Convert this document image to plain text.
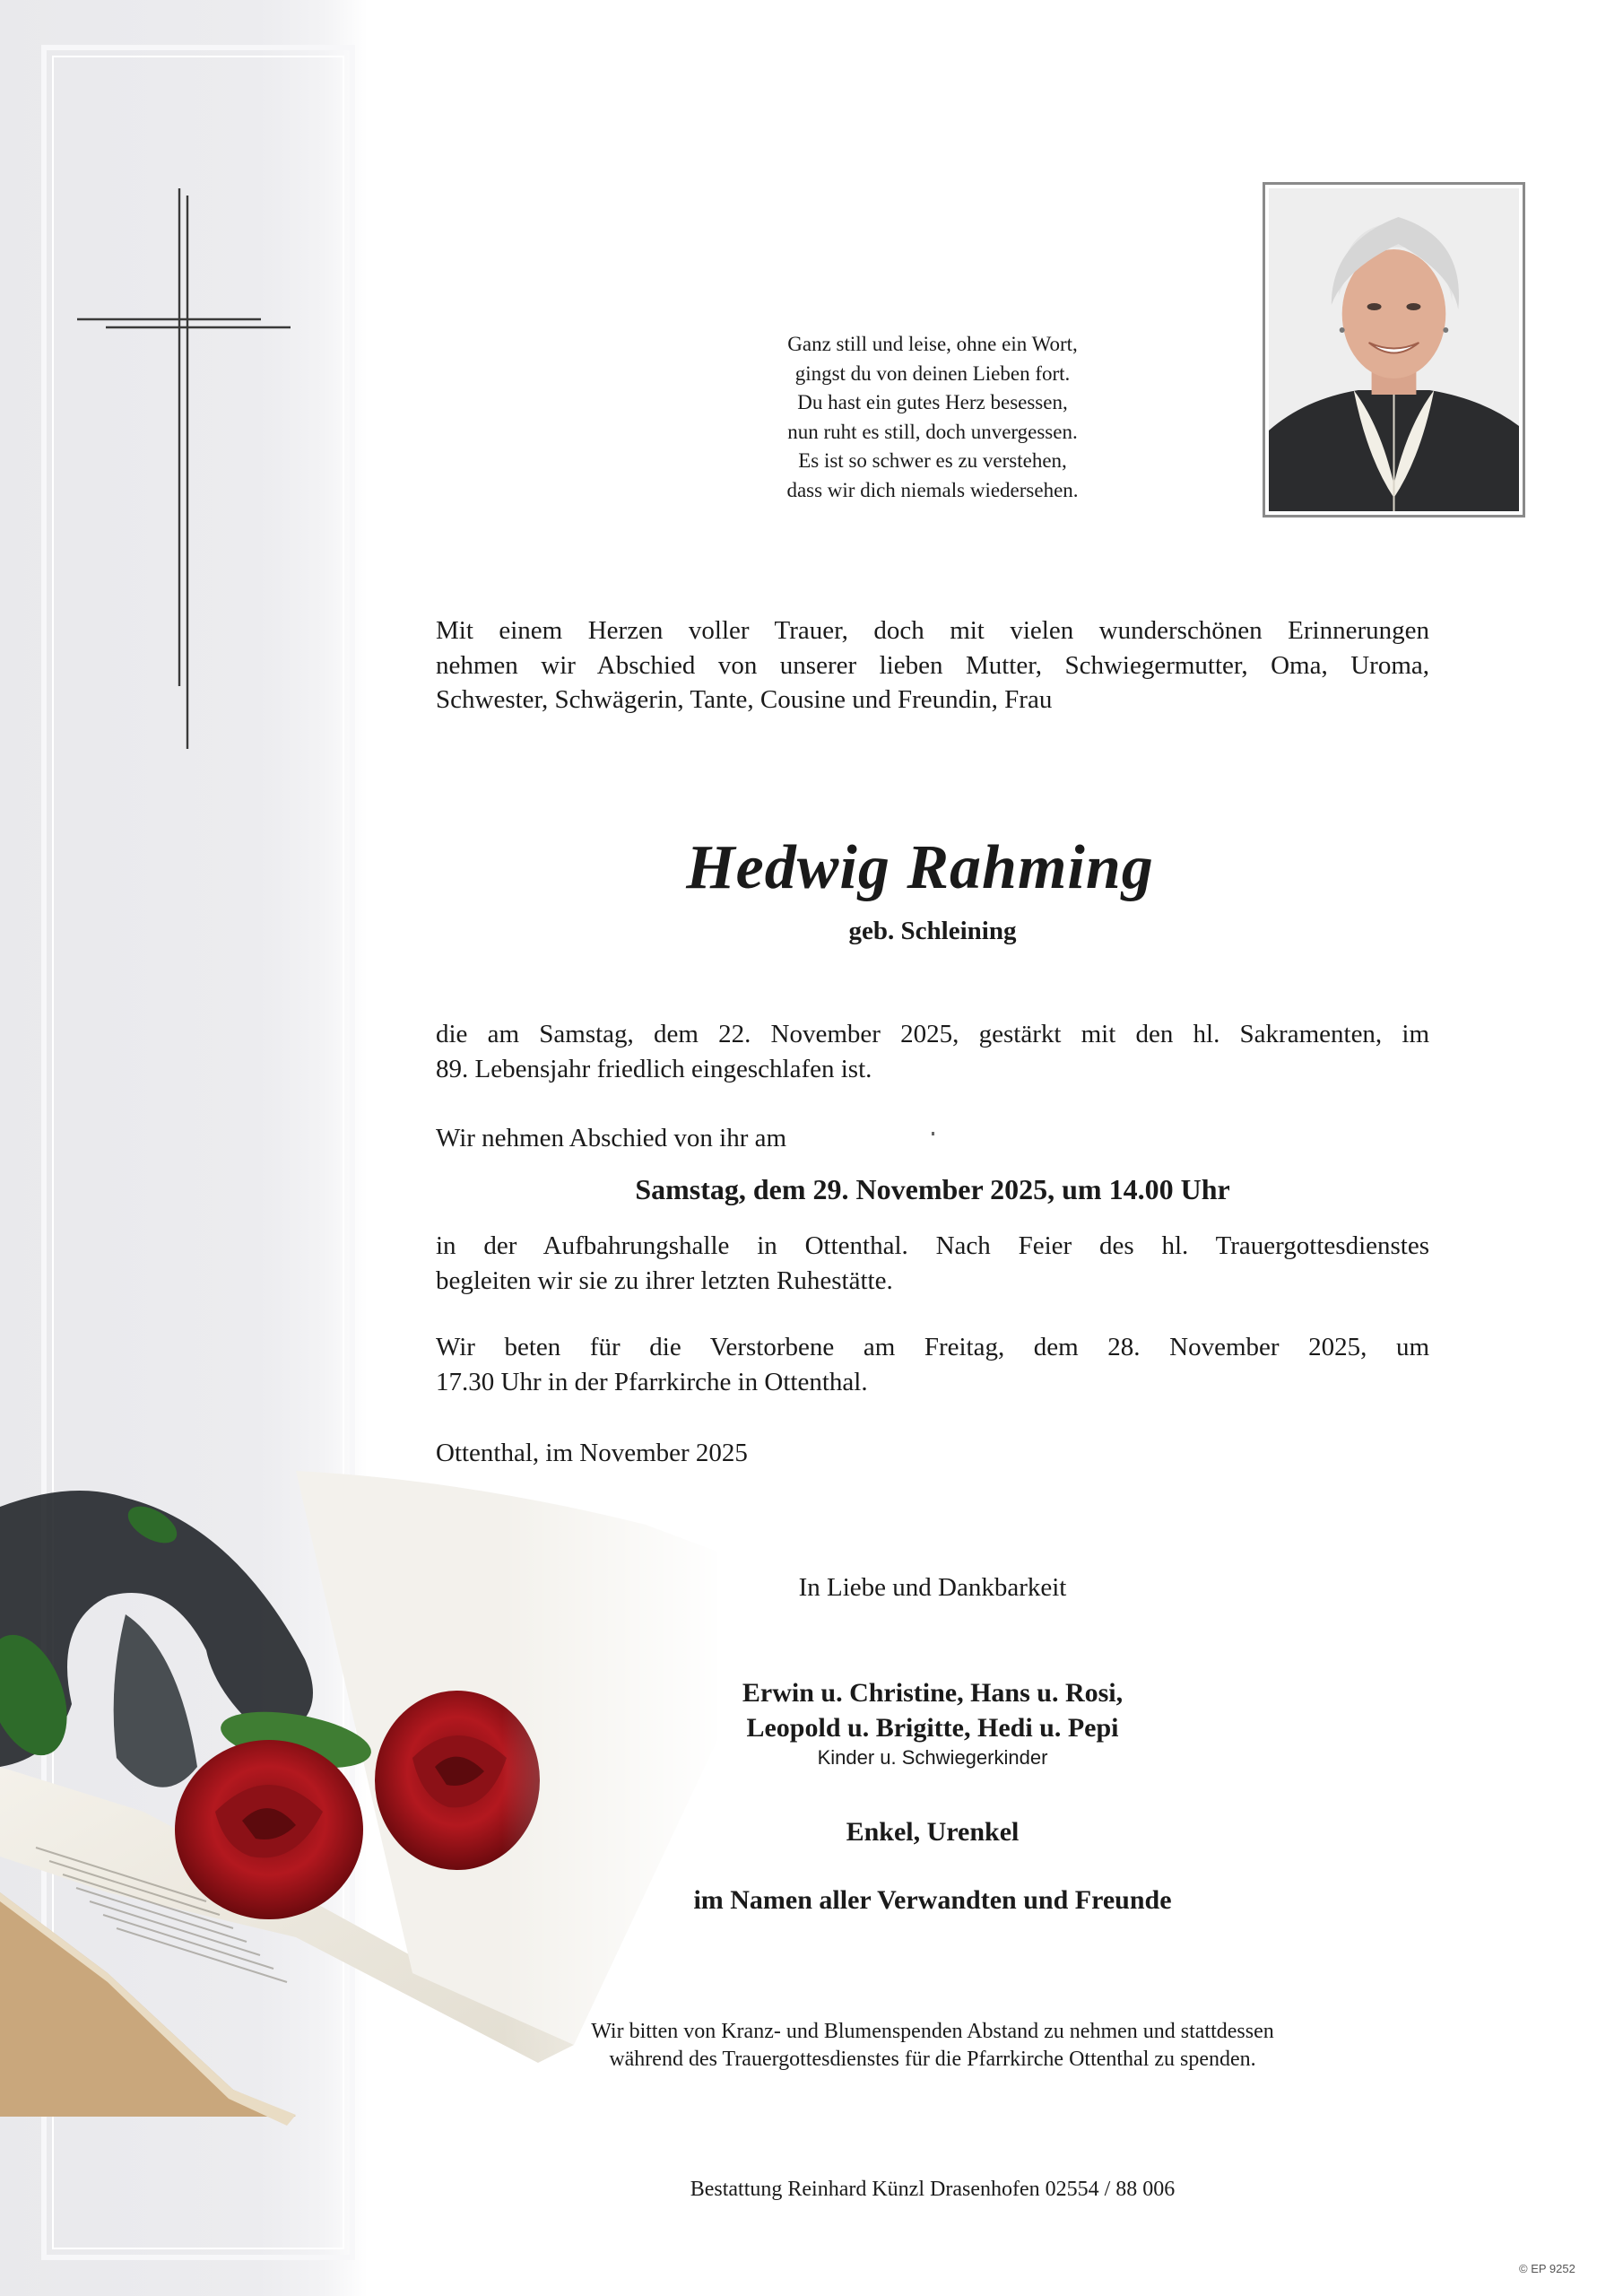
Ganz still und leise, ohne ein Wort,
gingst du von deinen Lieben fort.
Du hast ein gutes Herz besessen,
nun ruht es still, doch unvergessen.
Es ist so schwer es zu verstehen,
dass wir dich niemals wiedersehen.
Mit einem Herzen voller Trauer, doch mit vielen wunderschönen Erinnerungen
nehmen wir Abschied von unserer lieben Mutter, Schwiegermutter, Oma, Uroma,
Schwester, Schwägerin, Tante, Cousine und Freundin, Frau
Hedwig Rahming
geb. Schleining
die am Samstag, dem 22. November 2025, gestärkt mit den hl. Sakramenten, im
89. Lebensjahr friedlich eingeschlafen ist.
Wir nehmen Abschied von ihr am
Samstag, dem 29. November 2025, um 14.00 Uhr
in der Aufbahrungshalle in Ottenthal. Nach Feier des hl. Trauergottesdienstes
begleiten wir sie zu ihrer letzten Ruhestätte.
Wir beten für die Verstorbene am Freitag, dem 28. November 2025, um
17.30 Uhr in der Pfarrkirche in Ottenthal.
Ottenthal, im November 2025
In Liebe und Dankbarkeit
Erwin u. Christine, Hans u. Rosi,
Leopold u. Brigitte, Hedi u. Pepi
Kinder u. Schwiegerkinder
Enkel, Urenkel
im Namen aller Verwandten und Freunde
Wir bitten von Kranz- und Blumenspenden Abstand zu nehmen und stattdessen
während des Trauergottesdienstes für die Pfarrkirche Ottenthal zu spenden.
Bestattung Reinhard Künzl Drasenhofen 02554 / 88 006
© EP 9252
